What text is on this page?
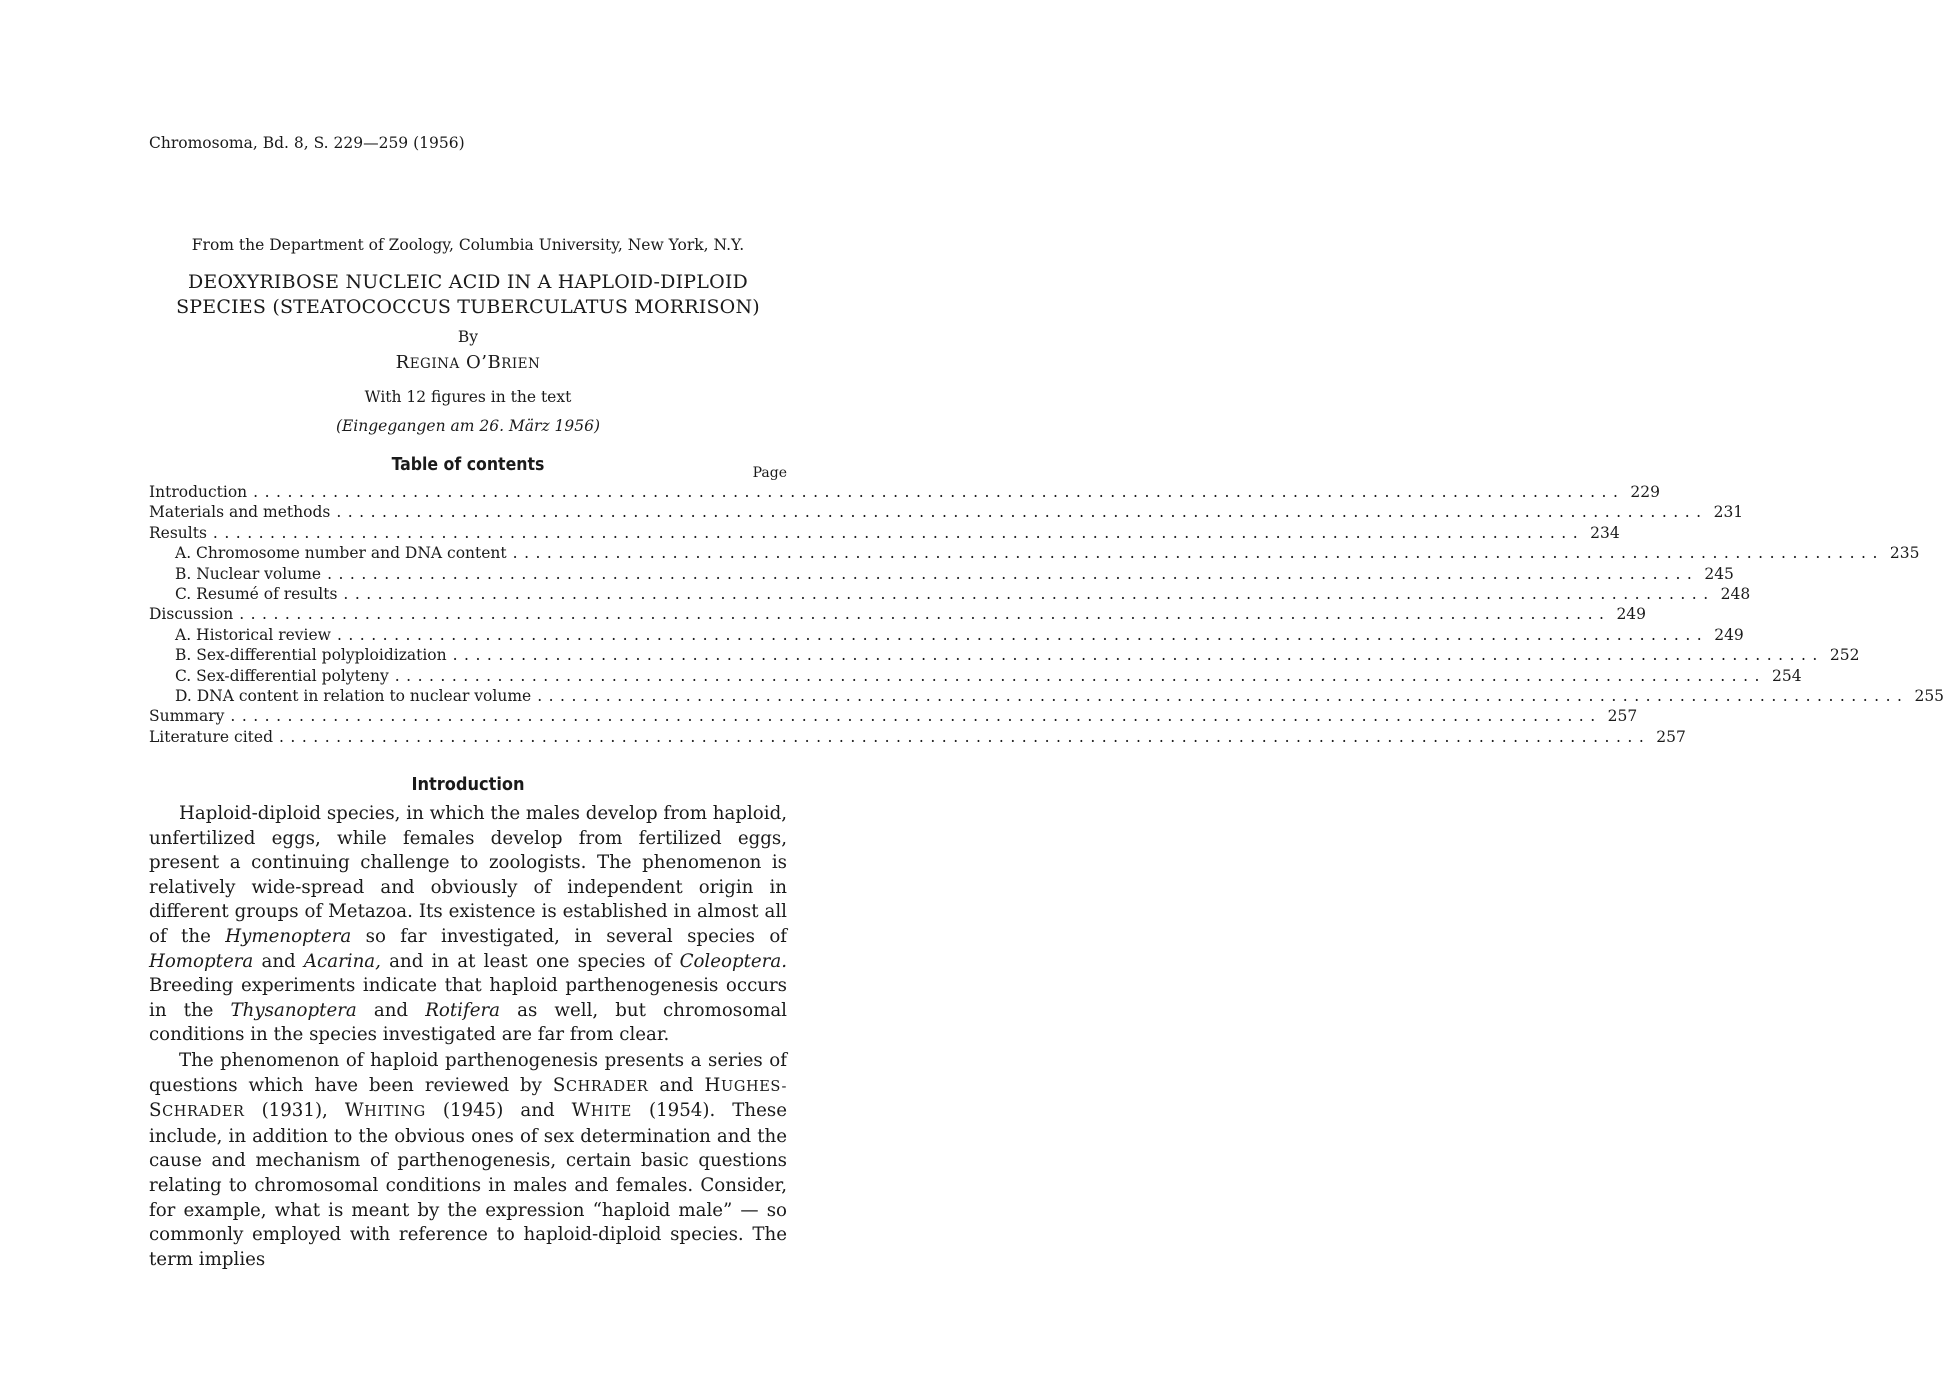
Chromosoma, Bd. 8, S. 229—259 (1956)
From the Department of Zoology, Columbia University, New York, N.Y.
DEOXYRIBOSE NUCLEIC ACID IN A HAPLOID-DIPLOID
SPECIES (STEATOCOCCUS TUBERCULATUS MORRISON)
By
REGINA O’BRIEN
With 12 figures in the text
(Eingegangen am 26. März 1956)
Table of contents	Page
Introduction ........................................................................................................................ 229
Materials and methods ........................................................................................................................ 231
Results ........................................................................................................................ 234
A. Chromosome number and DNA content ........................................................................................................................ 235
B. Nuclear volume ........................................................................................................................ 245
C. Resumé of results ........................................................................................................................ 248
Discussion ........................................................................................................................ 249
A. Historical review ........................................................................................................................ 249
B. Sex-differential polyploidization ........................................................................................................................ 252
C. Sex-differential polyteny ........................................................................................................................ 254
D. DNA content in relation to nuclear volume ........................................................................................................................ 255
Summary ........................................................................................................................ 257
Literature cited ........................................................................................................................ 257
Introduction
Haploid-diploid species, in which the males develop from haploid, unfertilized eggs, while females develop from fertilized eggs, present a continuing challenge to zoologists. The phenomenon is relatively wide-spread and obviously of independent origin in different groups of Metazoa. Its existence is established in almost all of the Hymenoptera so far investigated, in several species of Homoptera and Acarina, and in at least one species of Coleoptera. Breeding experiments indicate that haploid parthenogenesis occurs in the Thysanoptera and Rotifera as well, but chromosomal conditions in the species investigated are far from clear.
The phenomenon of haploid parthenogenesis presents a series of questions which have been reviewed by SCHRADER and HUGHES-SCHRADER (1931), WHITING (1945) and WHITE (1954). These include, in addition to the obvious ones of sex determination and the cause and mechanism of parthenogenesis, certain basic questions relating to chromosomal conditions in males and females. Consider, for example, what is meant by the expression “haploid male” — so commonly employed with reference to haploid-diploid species. The term implies
